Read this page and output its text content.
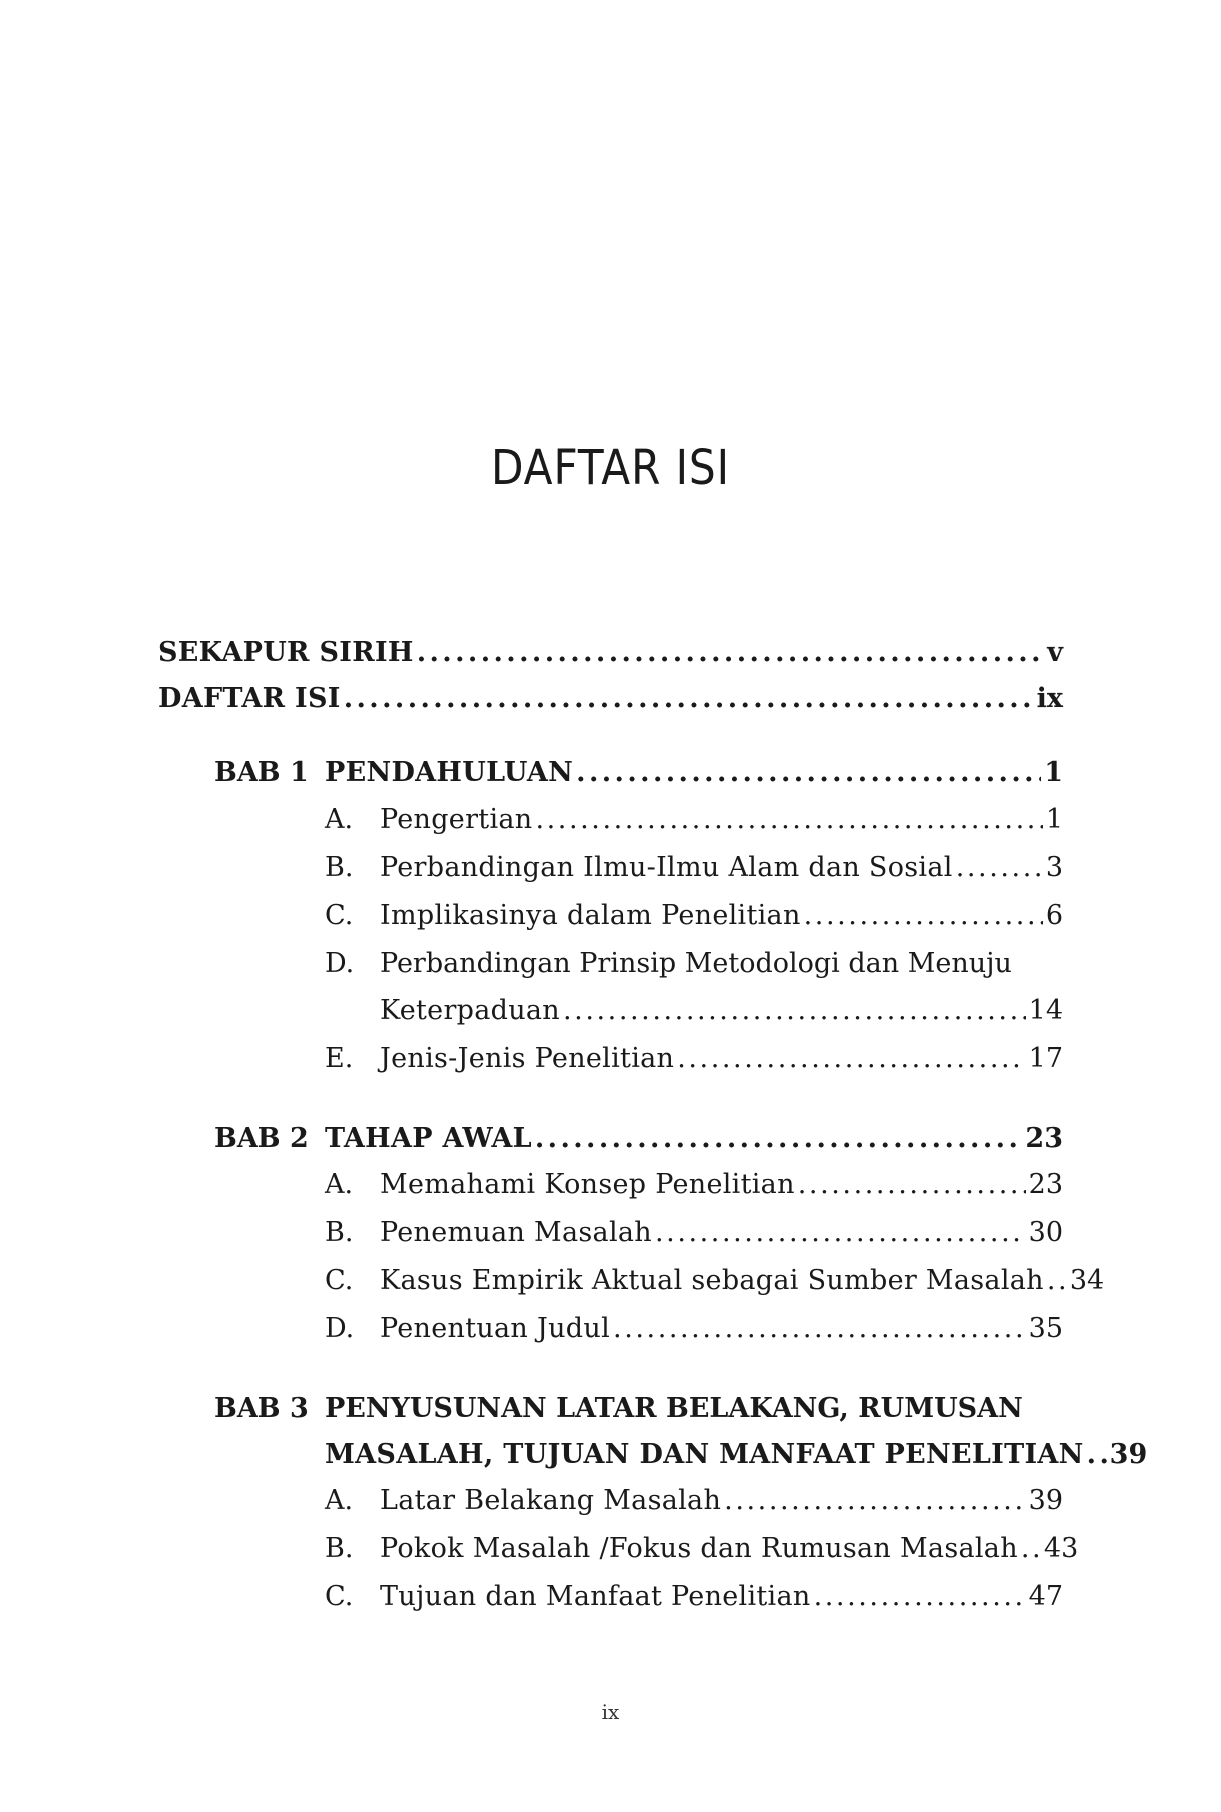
DAFTAR ISI
SEKAPUR SIRIH . . .	v
DAFTAR ISI . . .	ix
BAB 1 PENDAHULUAN . . .	1
A. Pengertian . . .	1
B. Perbandingan Ilmu-Ilmu Alam dan Sosial . . .	3
C. Implikasinya dalam Penelitian . . .	6
D. Perbandingan Prinsip Metodologi dan Menuju
Keterpaduan . . .	14
E. Jenis-Jenis Penelitian . . .	17
BAB 2 TAHAP AWAL . . .	23
A. Memahami Konsep Penelitian . . .	23
B. Penemuan Masalah . . .	30
C. Kasus Empirik Aktual sebagai Sumber Masalah . . . 34
D. Penentuan Judul . . .	35
BAB 3 PENYUSUNAN LATAR BELAKANG, RUMUSAN
MASALAH, TUJUAN DAN MANFAAT PENELITIAN . . . 39
A. Latar Belakang Masalah . . .	39
B. Pokok Masalah /Fokus dan Rumusan Masalah . . . 43
C. Tujuan dan Manfaat Penelitian . . .	47
ix
